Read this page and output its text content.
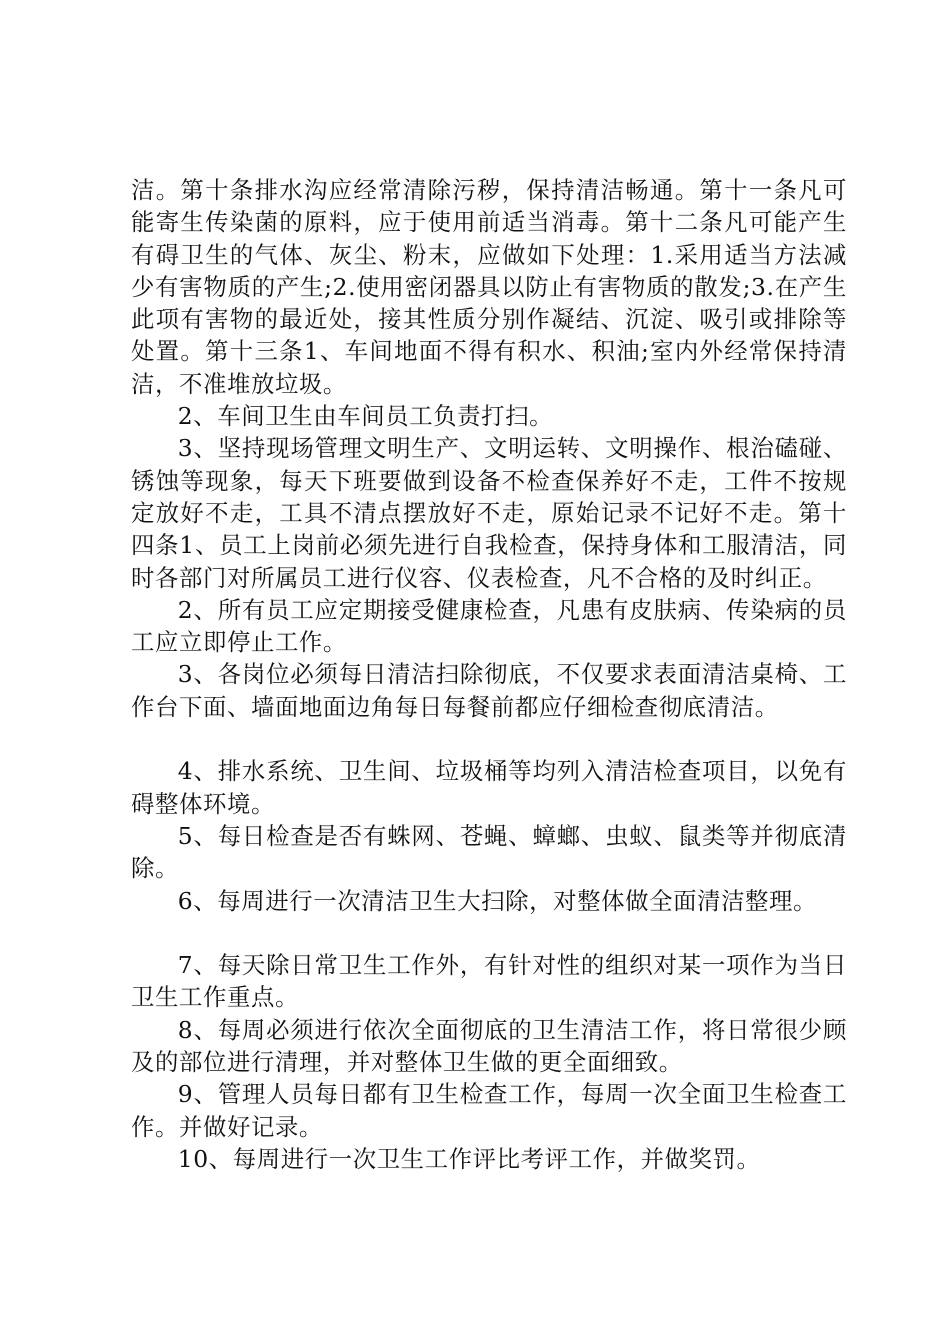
洁。第十条排水沟应经常清除污秽，保持清洁畅通。第十一条凡可能寄生传染菌的原料，应于使用前适当消毒。第十二条凡可能产生有碍卫生的气体、灰尘、粉末，应做如下处理：1.采用适当方法减少有害物质的产生;2.使用密闭器具以防止有害物质的散发;3.在产生此项有害物的最近处，接其性质分别作凝结、沉淀、吸引或排除等处置。第十三条1、车间地面不得有积水、积油;室内外经常保持清洁，不准堆放垃圾。

2、车间卫生由车间员工负责打扫。

3、坚持现场管理文明生产、文明运转、文明操作、根治磕碰、锈蚀等现象，每天下班要做到设备不检查保养好不走，工件不按规定放好不走，工具不清点摆放好不走，原始记录不记好不走。第十四条1、员工上岗前必须先进行自我检查，保持身体和工服清洁，同时各部门对所属员工进行仪容、仪表检查，凡不合格的及时纠正。

2、所有员工应定期接受健康检查，凡患有皮肤病、传染病的员工应立即停止工作。

3、各岗位必须每日清洁扫除彻底，不仅要求表面清洁桌椅、工作台下面、墙面地面边角每日每餐前都应仔细检查彻底清洁。

4、排水系统、卫生间、垃圾桶等均列入清洁检查项目，以免有碍整体环境。

5、每日检查是否有蛛网、苍蝇、蟑螂、虫蚁、鼠类等并彻底清除。

6、每周进行一次清洁卫生大扫除，对整体做全面清洁整理。

7、每天除日常卫生工作外，有针对性的组织对某一项作为当日卫生工作重点。

8、每周必须进行依次全面彻底的卫生清洁工作，将日常很少顾及的部位进行清理，并对整体卫生做的更全面细致。

9、管理人员每日都有卫生检查工作，每周一次全面卫生检查工作。并做好记录。

10、每周进行一次卫生工作评比考评工作，并做奖罚。
